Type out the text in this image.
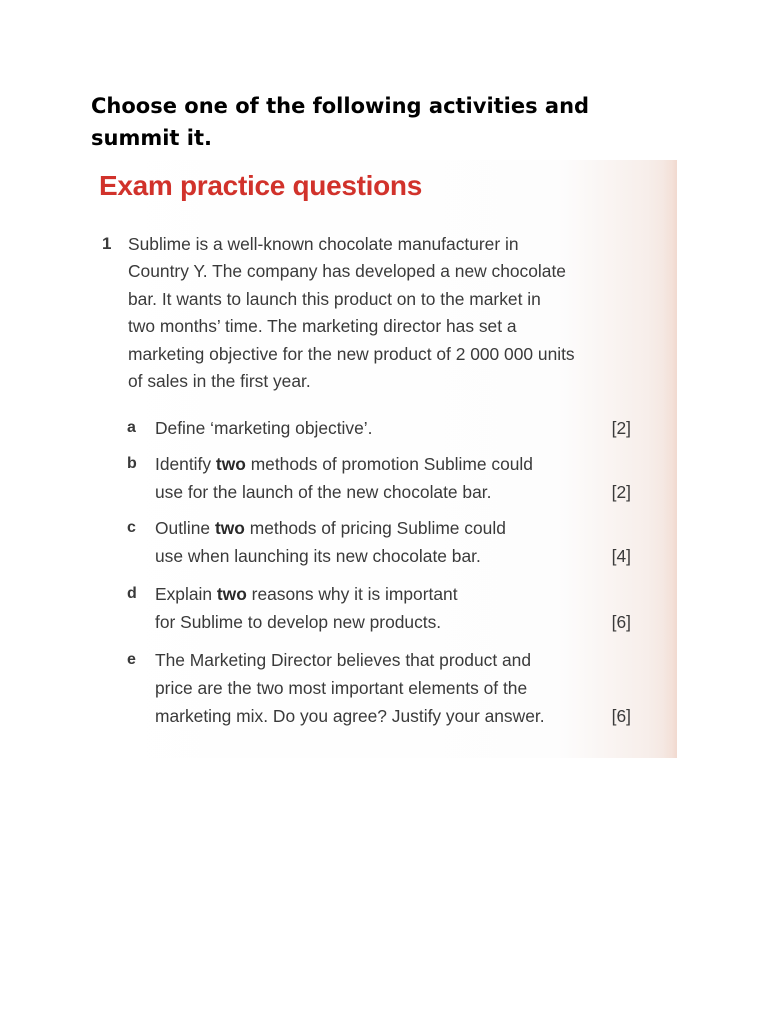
Choose one of the following activities and
summit it.
Exam practice questions
1 Sublime is a well-known chocolate manufacturer in
Country Y. The company has developed a new chocolate
bar. It wants to launch this product on to the market in
two months’ time. The marketing director has set a
marketing objective for the new product of 2 000 000 units
of sales in the first year.
a Define ‘marketing objective’.	[2]
b Identify two methods of promotion Sublime could
use for the launch of the new chocolate bar.	[2]
c Outline two methods of pricing Sublime could
use when launching its new chocolate bar.	[4]
d Explain two reasons why it is important
for Sublime to develop new products.	[6]
e The Marketing Director believes that product and
price are the two most important elements of the
marketing mix. Do you agree? Justify your answer.	[6]
